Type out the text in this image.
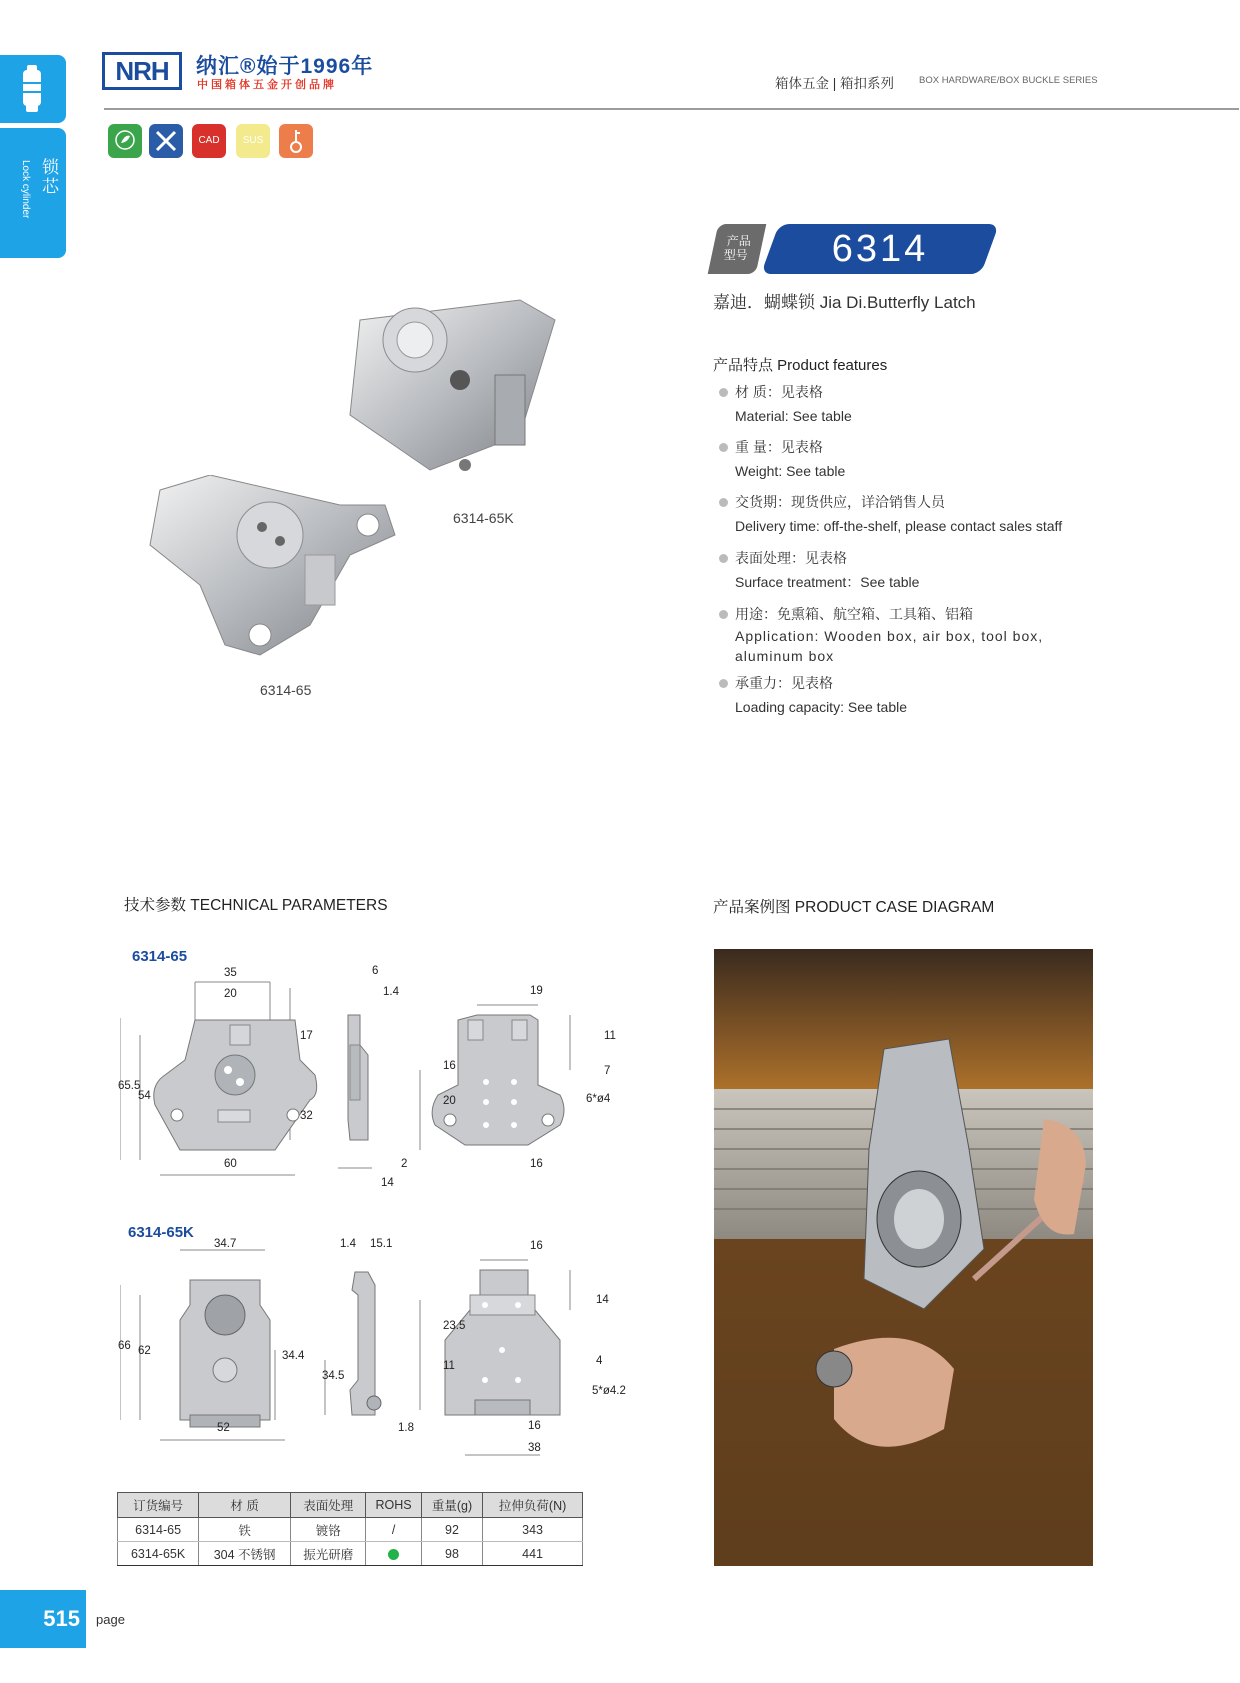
锁芯
Lock cylinder
NRH	纳汇®始于1996年
中国箱体五金开创品牌	箱体五金 | 箱扣系列	BOX HARDWARE/BOX BUCKLE SERIES
CAD	SUS
产品
型号	6314
嘉迪．蝴蝶锁 Jia Di.Butterfly Latch
6314-65K
6314-65
产品特点 Product features
材 质：见表格
Material: See table
重 量：见表格
Weight: See table
交货期：现货供应，详洽销售人员
Delivery time: off-the-shelf, please contact sales staff
表面处理：见表格
Surface treatment：See table
用途：免熏箱、航空箱、工具箱、铝箱
Application: Wooden box, air box, tool box, aluminum box
承重力：见表格
Loading capacity: See table
技术参数 TECHNICAL PARAMETERS	产品案例图 PRODUCT CASE DIAGRAM
6314-65
6314-65K
35
20
17
65.5
54
32
60
6
1.4
2
14
19
11
16	7
20	6*ø4
16
34.7
66 62	34.4
52
1.4 15.1
34.5
1.8
16
14
23.5
11	4
5*ø4.2
16
38
订货编号	材 质	表面处理	ROHS	重量(g)	拉伸负荷(N)
6314-65	铁	镀铬	/	92	343
6314-65K	304 不锈钢	振光研磨		98	441
515	page
